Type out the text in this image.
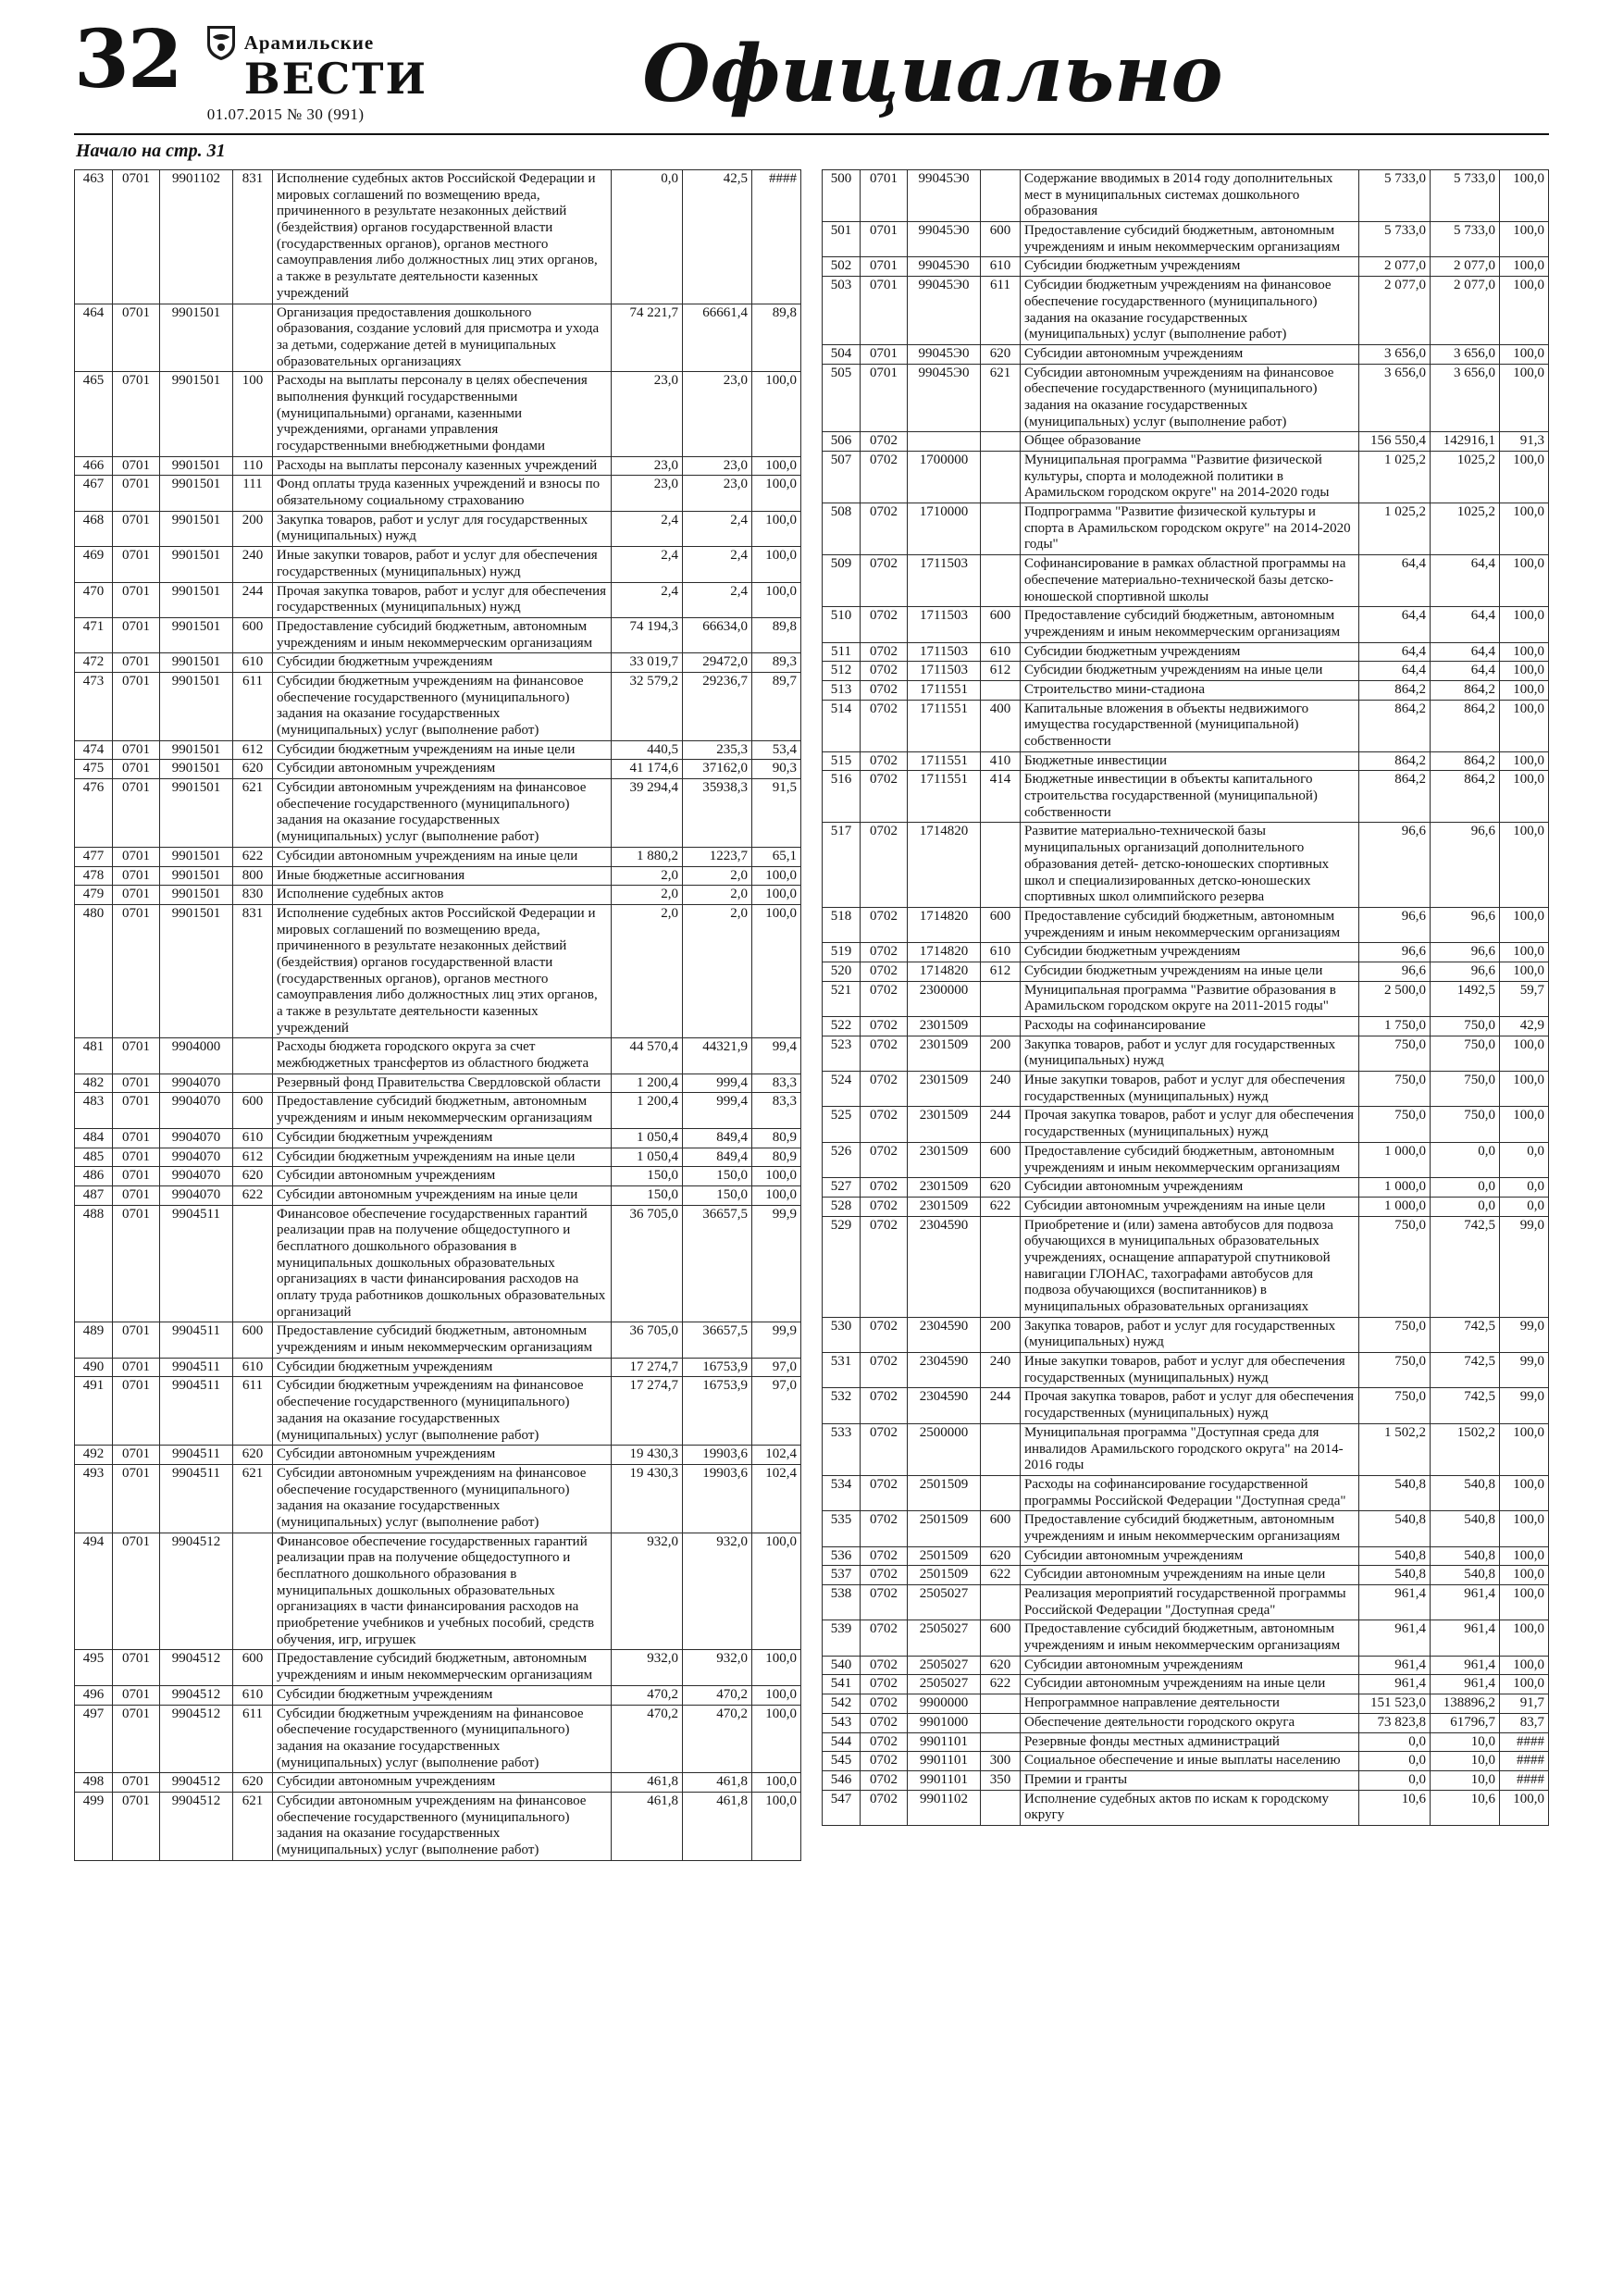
32	Арамильские
ВЕСТИ
01.07.2015 № 30 (991)	Официально
Начало на стр. 31
463	0701	9901102	831	Исполнение судебных актов Российской Федерации и мировых соглашений по возмещению вреда, причиненного в результате незаконных действий (бездействия) органов государственной власти (государственных органов), органов местного самоуправления либо должностных лиц этих органов, а также в результате деятельности казенных учреждений	0,0	42,5	####
464	0701	9901501		Организация предоставления дошкольного образования, создание условий для присмотра и ухода за детьми, содержание детей в муниципальных образовательных организациях	74 221,7	66661,4	89,8
465	0701	9901501	100	Расходы на выплаты персоналу в целях обеспечения выполнения функций государственными (муниципальными) органами, казенными учреждениями, органами управления государственными внебюджетными фондами	23,0	23,0	100,0
466	0701	9901501	110	Расходы на выплаты персоналу казенных учреждений	23,0	23,0	100,0
467	0701	9901501	111	Фонд оплаты труда казенных учреждений и взносы по обязательному социальному страхованию	23,0	23,0	100,0
468	0701	9901501	200	Закупка товаров, работ и услуг для государственных (муниципальных) нужд	2,4	2,4	100,0
469	0701	9901501	240	Иные закупки товаров, работ и услуг для обеспечения государственных (муниципальных) нужд	2,4	2,4	100,0
470	0701	9901501	244	Прочая закупка товаров, работ и услуг для обеспечения государственных (муниципальных) нужд	2,4	2,4	100,0
471	0701	9901501	600	Предоставление субсидий бюджетным, автономным учреждениям и иным некоммерческим организациям	74 194,3	66634,0	89,8
472	0701	9901501	610	Субсидии бюджетным учреждениям	33 019,7	29472,0	89,3
473	0701	9901501	611	Субсидии бюджетным учреждениям на финансовое обеспечение государственного (муниципального) задания на оказание государственных (муниципальных) услуг (выполнение работ)	32 579,2	29236,7	89,7
474	0701	9901501	612	Субсидии бюджетным учреждениям на иные цели	440,5	235,3	53,4
475	0701	9901501	620	Субсидии автономным учреждениям	41 174,6	37162,0	90,3
476	0701	9901501	621	Субсидии автономным учреждениям на финансовое обеспечение государственного (муниципального) задания на оказание государственных (муниципальных) услуг (выполнение работ)	39 294,4	35938,3	91,5
477	0701	9901501	622	Субсидии автономным учреждениям на иные цели	1 880,2	1223,7	65,1
478	0701	9901501	800	Иные бюджетные ассигнования	2,0	2,0	100,0
479	0701	9901501	830	Исполнение судебных актов	2,0	2,0	100,0
480	0701	9901501	831	Исполнение судебных актов Российской Федерации и мировых соглашений по возмещению вреда, причиненного в результате незаконных действий (бездействия) органов государственной власти (государственных органов), органов местного самоуправления либо должностных лиц этих органов, а также в результате деятельности казенных учреждений	2,0	2,0	100,0
481	0701	9904000		Расходы бюджета городского округа за счет межбюджетных трансфертов из областного бюджета	44 570,4	44321,9	99,4
482	0701	9904070		Резервный фонд Правительства Свердловской области	1 200,4	999,4	83,3
483	0701	9904070	600	Предоставление субсидий бюджетным, автономным учреждениям и иным некоммерческим организациям	1 200,4	999,4	83,3
484	0701	9904070	610	Субсидии бюджетным учреждениям	1 050,4	849,4	80,9
485	0701	9904070	612	Субсидии бюджетным учреждениям на иные цели	1 050,4	849,4	80,9
486	0701	9904070	620	Субсидии автономным учреждениям	150,0	150,0	100,0
487	0701	9904070	622	Субсидии автономным учреждениям на иные цели	150,0	150,0	100,0
488	0701	9904511		Финансовое обеспечение государственных гарантий реализации прав на получение общедоступного и бесплатного дошкольного образования в муниципальных дошкольных образовательных организациях в части финансирования расходов на оплату труда работников дошкольных образовательных организаций	36 705,0	36657,5	99,9
489	0701	9904511	600	Предоставление субсидий бюджетным, автономным учреждениям и иным некоммерческим организациям	36 705,0	36657,5	99,9
490	0701	9904511	610	Субсидии бюджетным учреждениям	17 274,7	16753,9	97,0
491	0701	9904511	611	Субсидии бюджетным учреждениям на финансовое обеспечение государственного (муниципального) задания на оказание государственных (муниципальных) услуг (выполнение работ)	17 274,7	16753,9	97,0
492	0701	9904511	620	Субсидии автономным учреждениям	19 430,3	19903,6	102,4
493	0701	9904511	621	Субсидии автономным учреждениям на финансовое обеспечение государственного (муниципального) задания на оказание государственных (муниципальных) услуг (выполнение работ)	19 430,3	19903,6	102,4
494	0701	9904512		Финансовое обеспечение государственных гарантий реализации прав на получение общедоступного и бесплатного дошкольного образования в муниципальных дошкольных образовательных организациях в части финансирования расходов на приобретение учебников и учебных пособий, средств обучения, игр, игрушек	932,0	932,0	100,0
495	0701	9904512	600	Предоставление субсидий бюджетным, автономным учреждениям и иным некоммерческим организациям	932,0	932,0	100,0
496	0701	9904512	610	Субсидии бюджетным учреждениям	470,2	470,2	100,0
497	0701	9904512	611	Субсидии бюджетным учреждениям на финансовое обеспечение государственного (муниципального) задания на оказание государственных (муниципальных) услуг (выполнение работ)	470,2	470,2	100,0
498	0701	9904512	620	Субсидии автономным учреждениям	461,8	461,8	100,0
499	0701	9904512	621	Субсидии автономным учреждениям на финансовое обеспечение государственного (муниципального) задания на оказание государственных (муниципальных) услуг (выполнение работ)	461,8	461,8	100,0
500	0701	99045Э0		Содержание вводимых в 2014 году дополнительных мест в муниципальных системах дошкольного образования	5 733,0	5 733,0	100,0
501	0701	99045Э0	600	Предоставление субсидий бюджетным, автономным учреждениям и иным некоммерческим организациям	5 733,0	5 733,0	100,0
502	0701	99045Э0	610	Субсидии бюджетным учреждениям	2 077,0	2 077,0	100,0
503	0701	99045Э0	611	Субсидии бюджетным учреждениям на финансовое обеспечение государственного (муниципального) задания на оказание государственных (муниципальных) услуг (выполнение работ)	2 077,0	2 077,0	100,0
504	0701	99045Э0	620	Субсидии автономным учреждениям	3 656,0	3 656,0	100,0
505	0701	99045Э0	621	Субсидии автономным учреждениям на финансовое обеспечение государственного (муниципального) задания на оказание государственных (муниципальных) услуг (выполнение работ)	3 656,0	3 656,0	100,0
506	0702			Общее образование	156 550,4	142916,1	91,3
507	0702	1700000		Муниципальная программа "Развитие физической культуры, спорта и молодежной политики в Арамильском городском округе" на 2014-2020 годы	1 025,2	1025,2	100,0
508	0702	1710000		Подпрограмма "Развитие физической культуры и спорта в Арамильском городском округе" на 2014-2020 годы"	1 025,2	1025,2	100,0
509	0702	1711503		Софинансирование в рамках областной программы на обеспечение материально-технической базы детско-юношеской спортивной школы	64,4	64,4	100,0
510	0702	1711503	600	Предоставление субсидий бюджетным, автономным учреждениям и иным некоммерческим организациям	64,4	64,4	100,0
511	0702	1711503	610	Субсидии бюджетным учреждениям	64,4	64,4	100,0
512	0702	1711503	612	Субсидии бюджетным учреждениям на иные цели	64,4	64,4	100,0
513	0702	1711551		Строительство мини-стадиона	864,2	864,2	100,0
514	0702	1711551	400	Капитальные вложения в объекты недвижимого имущества государственной (муниципальной) собственности	864,2	864,2	100,0
515	0702	1711551	410	Бюджетные инвестиции	864,2	864,2	100,0
516	0702	1711551	414	Бюджетные инвестиции в объекты капитального строительства государственной (муниципальной) собственности	864,2	864,2	100,0
517	0702	1714820		Развитие материально-технической базы муниципальных организаций дополнительного образования детей- детско-юношеских спортивных школ и специализированных детско-юношеских спортивных школ олимпийского резерва	96,6	96,6	100,0
518	0702	1714820	600	Предоставление субсидий бюджетным, автономным учреждениям и иным некоммерческим организациям	96,6	96,6	100,0
519	0702	1714820	610	Субсидии бюджетным учреждениям	96,6	96,6	100,0
520	0702	1714820	612	Субсидии бюджетным учреждениям на иные цели	96,6	96,6	100,0
521	0702	2300000		Муниципальная программа "Развитие образования в Арамильском городском округе на 2011-2015 годы"	2 500,0	1492,5	59,7
522	0702	2301509		Расходы на софинансирование	1 750,0	750,0	42,9
523	0702	2301509	200	Закупка товаров, работ и услуг для государственных (муниципальных) нужд	750,0	750,0	100,0
524	0702	2301509	240	Иные закупки товаров, работ и услуг для обеспечения государственных (муниципальных) нужд	750,0	750,0	100,0
525	0702	2301509	244	Прочая закупка товаров, работ и услуг для обеспечения государственных (муниципальных) нужд	750,0	750,0	100,0
526	0702	2301509	600	Предоставление субсидий бюджетным, автономным учреждениям и иным некоммерческим организациям	1 000,0	0,0	0,0
527	0702	2301509	620	Субсидии автономным учреждениям	1 000,0	0,0	0,0
528	0702	2301509	622	Субсидии автономным учреждениям на иные цели	1 000,0	0,0	0,0
529	0702	2304590		Приобретение и (или) замена автобусов для подвоза обучающихся в муниципальных образовательных учреждениях, оснащение аппаратурой спутниковой навигации ГЛОНАС, тахографами автобусов для подвоза обучающихся (воспитанников) в муниципальных образовательных организациях	750,0	742,5	99,0
530	0702	2304590	200	Закупка товаров, работ и услуг для государственных (муниципальных) нужд	750,0	742,5	99,0
531	0702	2304590	240	Иные закупки товаров, работ и услуг для обеспечения государственных (муниципальных) нужд	750,0	742,5	99,0
532	0702	2304590	244	Прочая закупка товаров, работ и услуг для обеспечения государственных (муниципальных) нужд	750,0	742,5	99,0
533	0702	2500000		Муниципальная программа "Доступная среда для инвалидов Арамильского городского округа" на 2014-2016 годы	1 502,2	1502,2	100,0
534	0702	2501509		Расходы на софинансирование государственной программы Российской Федерации "Доступная среда"	540,8	540,8	100,0
535	0702	2501509	600	Предоставление субсидий бюджетным, автономным учреждениям и иным некоммерческим организациям	540,8	540,8	100,0
536	0702	2501509	620	Субсидии автономным учреждениям	540,8	540,8	100,0
537	0702	2501509	622	Субсидии автономным учреждениям на иные цели	540,8	540,8	100,0
538	0702	2505027		Реализация мероприятий государственной программы Российской Федерации "Доступная среда"	961,4	961,4	100,0
539	0702	2505027	600	Предоставление субсидий бюджетным, автономным учреждениям и иным некоммерческим организациям	961,4	961,4	100,0
540	0702	2505027	620	Субсидии автономным учреждениям	961,4	961,4	100,0
541	0702	2505027	622	Субсидии автономным учреждениям на иные цели	961,4	961,4	100,0
542	0702	9900000		Непрограммное направление деятельности	151 523,0	138896,2	91,7
543	0702	9901000		Обеспечение деятельности городского округа	73 823,8	61796,7	83,7
544	0702	9901101		Резервные фонды местных администраций	0,0	10,0	####
545	0702	9901101	300	Социальное обеспечение и иные выплаты населению	0,0	10,0	####
546	0702	9901101	350	Премии и гранты	0,0	10,0	####
547	0702	9901102		Исполнение судебных актов по искам к городскому округу	10,6	10,6	100,0
